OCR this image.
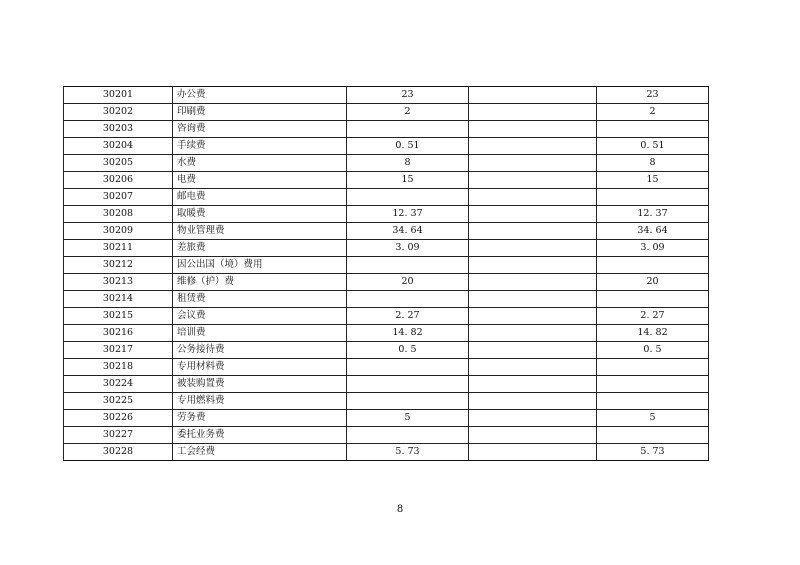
30201	办公费	23		23
30202	印刷费	2		2
30203	咨询费			
30204	手续费	0. 51		0. 51
30205	水费	8		8
30206	电费	15		15
30207	邮电费			
30208	取暖费	12. 37		12. 37
30209	物业管理费	34. 64		34. 64
30211	差旅费	3. 09		3. 09
30212	因公出国（境）费用			
30213	维修（护）费	20		20
30214	租赁费			
30215	会议费	2. 27		2. 27
30216	培训费	14. 82		14. 82
30217	公务接待费	0. 5		0. 5
30218	专用材料费			
30224	被装购置费			
30225	专用燃料费			
30226	劳务费	5		5
30227	委托业务费			
30228	工会经费	5. 73		5. 73
8
